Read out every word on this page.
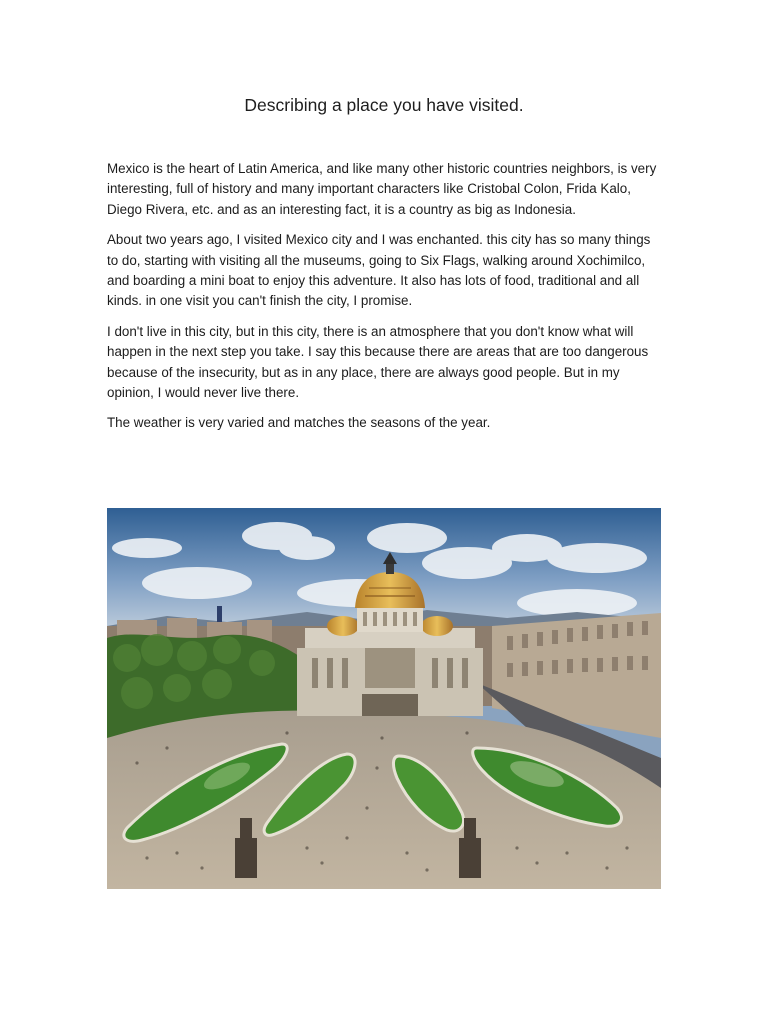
Describing a place you have visited.

Mexico is the heart of Latin America, and like many other historic countries neighbors, is very interesting, full of history and many important characters like Cristobal Colon, Frida Kalo, Diego Rivera, etc. and as an interesting fact, it is a country as big as Indonesia.

About two years ago, I visited Mexico city and I was enchanted. this city has so many things to do, starting with visiting all the museums, going to Six Flags, walking around Xochimilco, and boarding a mini boat to enjoy this adventure. It also has lots of food, traditional and all kinds. in one visit you can't finish the city, I promise.

I don't live in this city, but in this city, there is an atmosphere that you don't know what will happen in the next step you take. I say this because there are areas that are too dangerous because of the insecurity, but as in any place, there are always good people. But in my opinion, I would never live there.

The weather is very varied and matches the seasons of the year.
